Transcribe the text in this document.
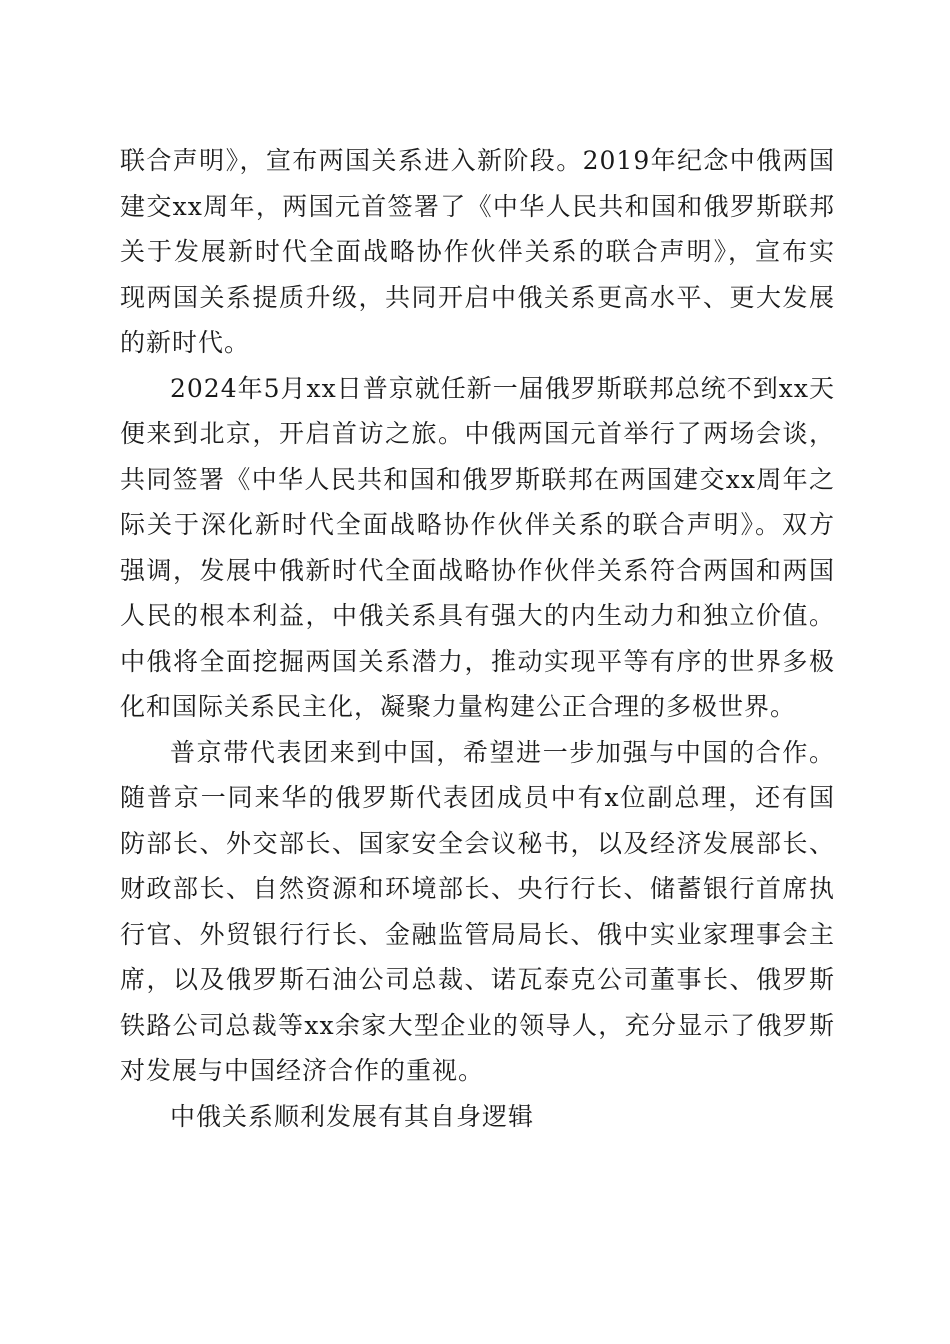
联合声明》，宣布两国关系进入新阶段。2019年纪念中俄两国建交xx周年，两国元首签署了《中华人民共和国和俄罗斯联邦关于发展新时代全面战略协作伙伴关系的联合声明》，宣布实现两国关系提质升级，共同开启中俄关系更高水平、更大发展的新时代。

2024年5月xx日普京就任新一届俄罗斯联邦总统不到xx天便来到北京，开启首访之旅。中俄两国元首举行了两场会谈，共同签署《中华人民共和国和俄罗斯联邦在两国建交xx周年之际关于深化新时代全面战略协作伙伴关系的联合声明》。双方强调，发展中俄新时代全面战略协作伙伴关系符合两国和两国人民的根本利益，中俄关系具有强大的内生动力和独立价值。中俄将全面挖掘两国关系潜力，推动实现平等有序的世界多极化和国际关系民主化，凝聚力量构建公正合理的多极世界。

普京带代表团来到中国，希望进一步加强与中国的合作。随普京一同来华的俄罗斯代表团成员中有x位副总理，还有国防部长、外交部长、国家安全会议秘书，以及经济发展部长、财政部长、自然资源和环境部长、央行行长、储蓄银行首席执行官、外贸银行行长、金融监管局局长、俄中实业家理事会主席，以及俄罗斯石油公司总裁、诺瓦泰克公司董事长、俄罗斯铁路公司总裁等xx余家大型企业的领导人，充分显示了俄罗斯对发展与中国经济合作的重视。

中俄关系顺利发展有其自身逻辑
